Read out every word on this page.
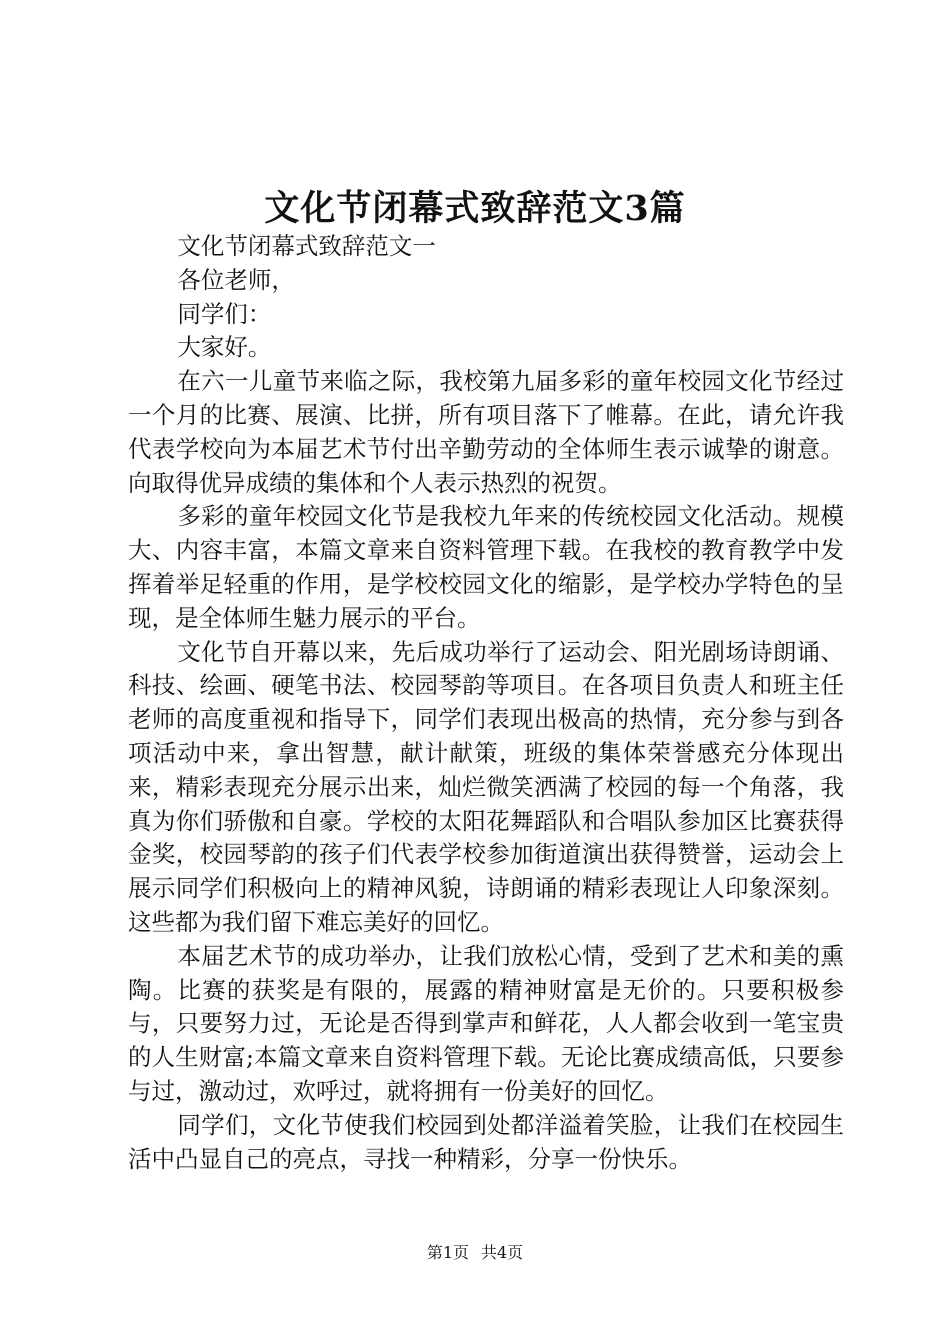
文化节闭幕式致辞范文3篇

文化节闭幕式致辞范文一

各位老师，

同学们：

大家好。

在六一儿童节来临之际，我校第九届多彩的童年校园文化节经过一个月的比赛、展演、比拼，所有项目落下了帷幕。在此，请允许我代表学校向为本届艺术节付出辛勤劳动的全体师生表示诚挚的谢意。向取得优异成绩的集体和个人表示热烈的祝贺。

多彩的童年校园文化节是我校九年来的传统校园文化活动。规模大、内容丰富，本篇文章来自资料管理下载。在我校的教育教学中发挥着举足轻重的作用，是学校校园文化的缩影，是学校办学特色的呈现，是全体师生魅力展示的平台。

文化节自开幕以来，先后成功举行了运动会、阳光剧场诗朗诵、科技、绘画、硬笔书法、校园琴韵等项目。在各项目负责人和班主任老师的高度重视和指导下，同学们表现出极高的热情，充分参与到各项活动中来，拿出智慧，献计献策，班级的集体荣誉感充分体现出来，精彩表现充分展示出来，灿烂微笑洒满了校园的每一个角落，我真为你们骄傲和自豪。学校的太阳花舞蹈队和合唱队参加区比赛获得金奖，校园琴韵的孩子们代表学校参加街道演出获得赞誉，运动会上展示同学们积极向上的精神风貌，诗朗诵的精彩表现让人印象深刻。这些都为我们留下难忘美好的回忆。

本届艺术节的成功举办，让我们放松心情，受到了艺术和美的熏陶。比赛的获奖是有限的，展露的精神财富是无价的。只要积极参与，只要努力过，无论是否得到掌声和鲜花，人人都会收到一笔宝贵的人生财富;本篇文章来自资料管理下载。无论比赛成绩高低，只要参与过，激动过，欢呼过，就将拥有一份美好的回忆。

同学们，文化节使我们校园到处都洋溢着笑脸，让我们在校园生活中凸显自己的亮点，寻找一种精彩，分享一份快乐。

第1页 共4页
